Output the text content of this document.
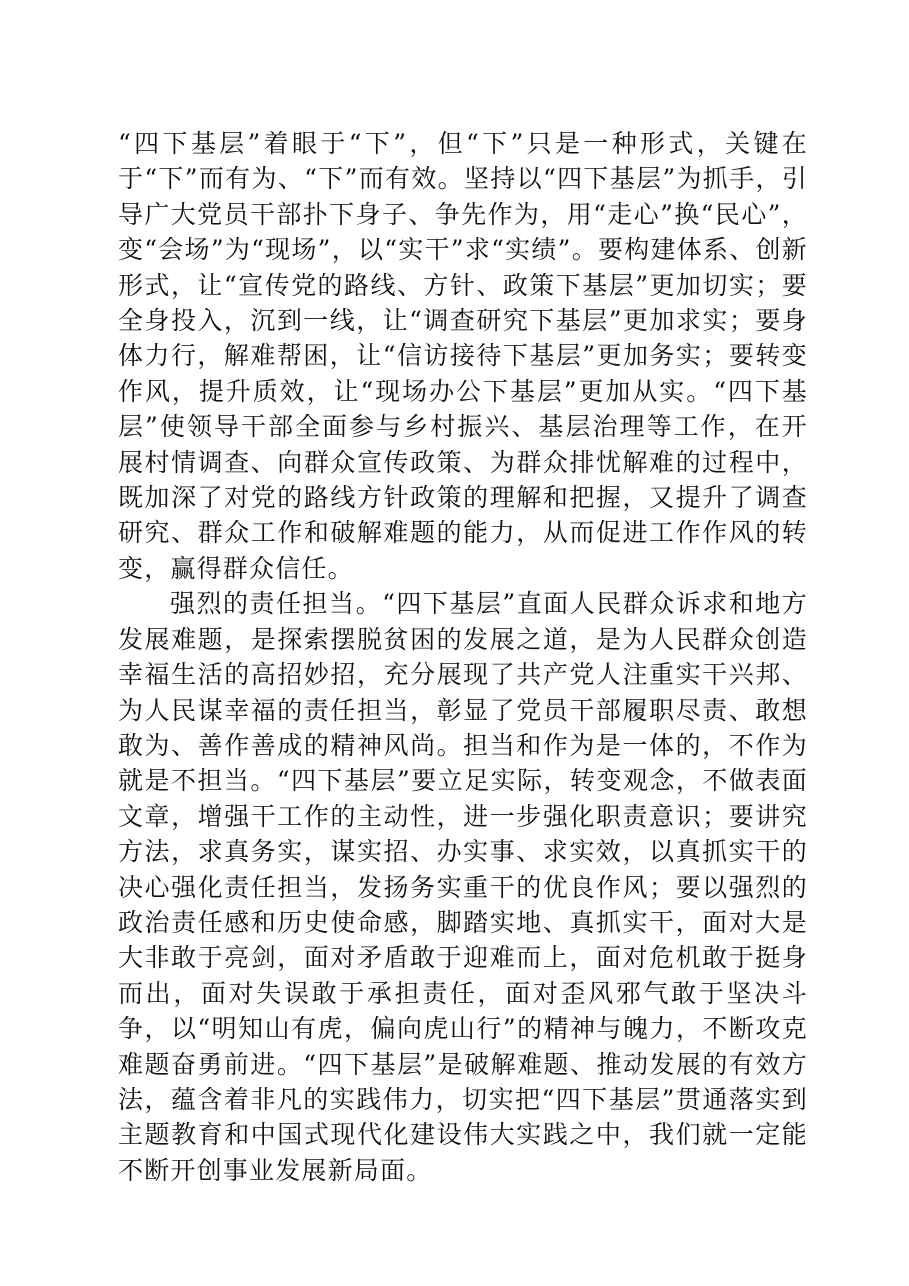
“四下基层”着眼于“下”，但“下”只是一种形式，关键在于“下”而有为、“下”而有效。坚持以“四下基层”为抓手，引导广大党员干部扑下身子、争先作为，用“走心”换“民心”，变“会场”为“现场”，以“实干”求“实绩”。要构建体系、创新形式，让“宣传党的路线、方针、政策下基层”更加切实；要全身投入，沉到一线，让“调查研究下基层”更加求实；要身体力行，解难帮困，让“信访接待下基层”更加务实；要转变作风，提升质效，让“现场办公下基层”更加从实。“四下基层”使领导干部全面参与乡村振兴、基层治理等工作，在开展村情调查、向群众宣传政策、为群众排忧解难的过程中，既加深了对党的路线方针政策的理解和把握，又提升了调查研究、群众工作和破解难题的能力，从而促进工作作风的转变，赢得群众信任。

强烈的责任担当。“四下基层”直面人民群众诉求和地方发展难题，是探索摆脱贫困的发展之道，是为人民群众创造幸福生活的高招妙招，充分展现了共产党人注重实干兴邦、为人民谋幸福的责任担当，彰显了党员干部履职尽责、敢想敢为、善作善成的精神风尚。担当和作为是一体的，不作为就是不担当。“四下基层”要立足实际，转变观念，不做表面文章，增强干工作的主动性，进一步强化职责意识；要讲究方法，求真务实，谋实招、办实事、求实效，以真抓实干的决心强化责任担当，发扬务实重干的优良作风；要以强烈的政治责任感和历史使命感，脚踏实地、真抓实干，面对大是大非敢于亮剑，面对矛盾敢于迎难而上，面对危机敢于挺身而出，面对失误敢于承担责任，面对歪风邪气敢于坚决斗争，以“明知山有虎，偏向虎山行”的精神与魄力，不断攻克难题奋勇前进。“四下基层”是破解难题、推动发展的有效方法，蕴含着非凡的实践伟力，切实把“四下基层”贯通落实到主题教育和中国式现代化建设伟大实践之中，我们就一定能不断开创事业发展新局面。
